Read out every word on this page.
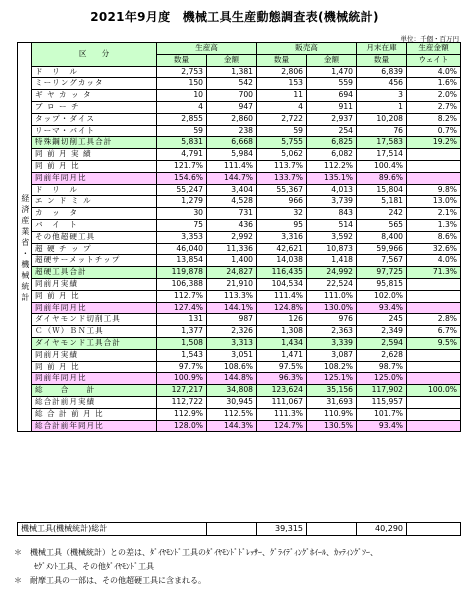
2021年9月度　機械工具生産動態調査表(機械統計)
単位：千個・百万円
	区　　分	生産高		販売高		月末在庫	生産金額
		数量	金額	数量	金額	数量	ウェイト
経済産業省・機械統計	ド　リ　ル	2,753	1,381	2,806	1,470	6,839	4.0%
	ミーリングカッタ	150	542	153	559	456	1.6%
	ギ ヤ カ ッ タ	10	700	11	694	3	2.0%
	ブ ロ ー チ	4	947	4	911	1	2.7%
	タップ・ダイス	2,855	2,860	2,722	2,937	10,208	8.2%
	リーマ・バイト	59	238	59	254	76	0.7%
	特殊鋼切削工具合計	5,831	6,668	5,755	6,825	17,583	19.2%
	同 前 月 実 績	4,791	5,984	5,062	6,082	17,514	
	同 前 月 比	121.7%	111.4%	113.7%	112.2%	100.4%	
	同前年同月比	154.6%	144.7%	133.7%	135.1%	89.6%	
	ド　リ　ル	55,247	3,404	55,367	4,013	15,804	9.8%
	エ ン ド ミ ル	1,279	4,528	966	3,739	5,181	13.0%
	カ　ッ　タ	30	731	32	843	242	2.1%
	バ　イ　ト	75	436	95	514	565	1.3%
	その他超硬工具	3,353	2,992	3,316	3,592	8,400	8.6%
	超 硬 チ ッ プ	46,040	11,336	42,621	10,873	59,966	32.6%
	超硬サーメットチップ	13,854	1,400	14,038	1,418	7,567	4.0%
	超硬工具合計	119,878	24,827	116,435	24,992	97,725	71.3%
	同前月実績	106,388	21,910	104,534	22,524	95,815	
	同 前 月 比	112.7%	113.3%	111.4%	111.0%	102.0%	
	同前年同月比	127.4%	144.1%	124.8%	130.0%	93.4%	
	ダイヤモンド切削工具	131	987	126	976	245	2.8%
	Ｃ（Ｗ）ＢＮ工具	1,377	2,326	1,308	2,363	2,349	6.7%
	ダイヤモンド工具合計	1,508	3,313	1,434	3,339	2,594	9.5%
	同前月実績	1,543	3,051	1,471	3,087	2,628	
	同 前 月 比	97.7%	108.6%	97.5%	108.2%	98.7%	
	同前年同月比	100.9%	144.8%	96.3%	125.1%	125.0%	
	総　　合　　計	127,217	34,808	123,624	35,156	117,902	100.0%
	総合計前月実績	112,722	30,945	111,067	31,693	115,957	
	総 合 計 前 月 比	112.9%	112.5%	111.3%	110.9%	101.7%	
	総合計前年同月比	128.0%	144.3%	124.7%	130.5%	93.4%	
機械工具(機械統計)総計		39,315		40,290	
＊　機械工具（機械統計）との差は、ﾀﾞｲﾔﾓﾝﾄﾞ工具のﾀﾞｲﾔﾓﾝﾄﾞﾄﾞﾚｯｻｰ、ｸﾞﾗｲﾃﾞｨﾝｸﾞﾎｲｰﾙ、ｶｯﾃｨﾝｸﾞｿｰ、
ｾｸﾞﾒﾝﾄ工具、その他ﾀﾞｲﾔﾓﾝﾄﾞ工具
＊　耐摩工具の一部は、その他超硬工具に含まれる。
